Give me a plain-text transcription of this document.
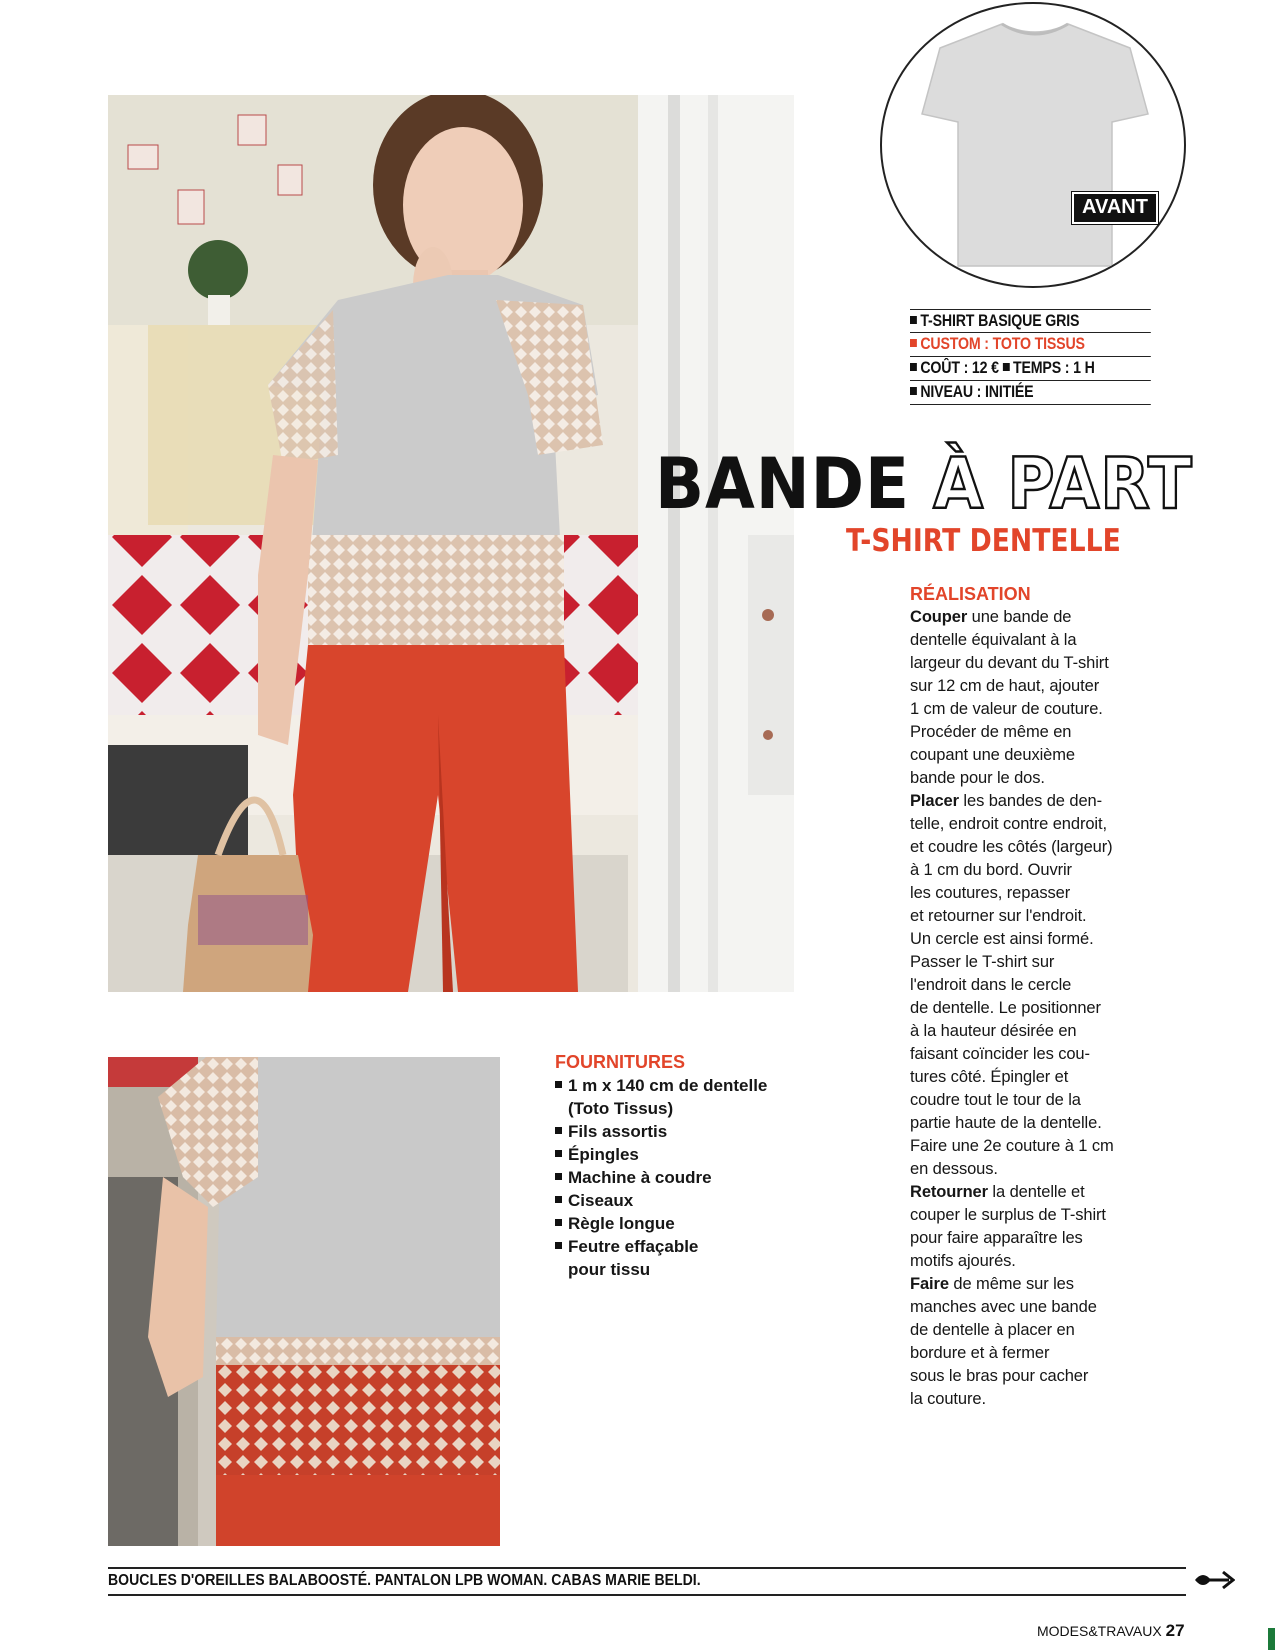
AVANT
T-SHIRT BASIQUE GRIS
CUSTOM : TOTO TISSUS
COÛT : 12 € TEMPS : 1 H
NIVEAU : INITIÉE
BANDE À PART
T-SHIRT DENTELLE
RÉALISATION
Couper une bande de
dentelle équivalant à la
largeur du devant du T-shirt
sur 12 cm de haut, ajouter
1 cm de valeur de couture.
Procéder de même en
coupant une deuxième
bande pour le dos.
Placer les bandes de den-
telle, endroit contre endroit,
et coudre les côtés (largeur)
à 1 cm du bord. Ouvrir
les coutures, repasser
et retourner sur l'endroit.
Un cercle est ainsi formé.
Passer le T-shirt sur
l'endroit dans le cercle
de dentelle. Le positionner
à la hauteur désirée en
faisant coïncider les cou-
tures côté. Épingler et
coudre tout le tour de la
partie haute de la dentelle.
Faire une 2e couture à 1 cm
en dessous.
Retourner la dentelle et
couper le surplus de T-shirt
pour faire apparaître les
motifs ajourés.
Faire de même sur les
manches avec une bande
de dentelle à placer en
bordure et à fermer
sous le bras pour cacher
la couture.
FOURNITURES
1 m x 140 cm de dentelle
(Toto Tissus)
Fils assortis
Épingles
Machine à coudre
Ciseaux
Règle longue
Feutre effaçable
pour tissu
BOUCLES D'OREILLES BALABOOSTÉ. PANTALON LPB WOMAN. CABAS MARIE BELDI.
MODES&TRAVAUX 27
